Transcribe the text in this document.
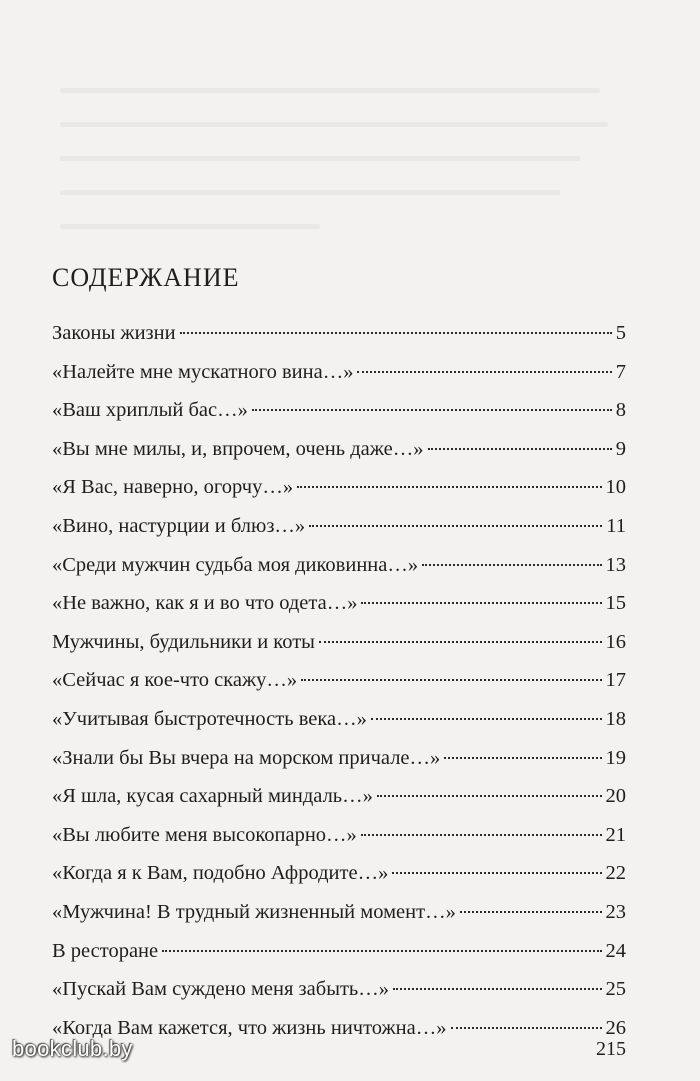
СОДЕРЖАНИЕ
Законы жизни	5
«Налейте мне мускатного вина…»	7
«Ваш хриплый бас…»	8
«Вы мне милы, и, впрочем, очень даже…»	9
«Я Вас, наверно, огорчу…»	10
«Вино, настурции и блюз…»	11
«Среди мужчин судьба моя диковинна…»	13
«Не важно, как я и во что одета…»	15
Мужчины, будильники и коты	16
«Сейчас я кое-что скажу…»	17
«Учитывая быстротечность века…»	18
«Знали бы Вы вчера на морском причале…»	19
«Я шла, кусая сахарный миндаль…»	20
«Вы любите меня высокопарно…»	21
«Когда я к Вам, подобно Афродите…»	22
«Мужчина! В трудный жизненный момент…»	23
В ресторане	24
«Пускай Вам суждено меня забыть…»	25
«Когда Вам кажется, что жизнь ничтожна…»	26
bookclub.by	215
